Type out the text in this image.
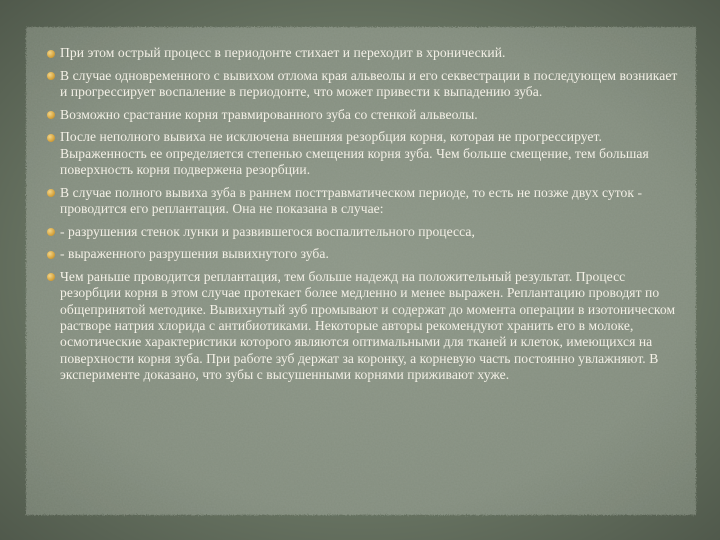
При этом острый процесс в периодонте стихает и переходит в хронический.
В случае одновременного с вывихом отлома края альвеолы и его секвестрации в последующем возникает и прогрессирует воспаление в периодонте, что может привести к выпадению зуба.
Возможно срастание корня травмированного зуба со стенкой альвеолы.
После неполного вывиха не исключена внешняя резорбция корня, которая не прогрессирует. Выраженность ее определяется степенью смещения корня зуба. Чем больше смещение, тем большая поверхность корня подвержена резорбции.
В случае полного вывиха зуба в раннем посттравматическом периоде, то есть не позже двух суток - проводится его реплантация. Она не показана в случае:
- разрушения стенок лунки и развившегося воспалительного процесса,
- выраженного разрушения вывихнутого зуба.
Чем раньше проводится реплантация, тем больше надежд на положительный результат. Процесс резорбции корня в этом случае протекает более медленно и менее выражен. Реплантацию проводят по общепринятой методике. Вывихнутый зуб промывают и содержат до момента операции в изотоническом растворе натрия хлорида с антибиотиками. Некоторые авторы рекомендуют хранить его в молоке, осмотические характеристики которого являются оптимальными для тканей и клеток, имеющихся на поверхности корня зуба. При работе зуб держат за коронку, а корневую часть постоянно увлажняют. В эксперименте доказано, что зубы с высушенными корнями приживают хуже.
